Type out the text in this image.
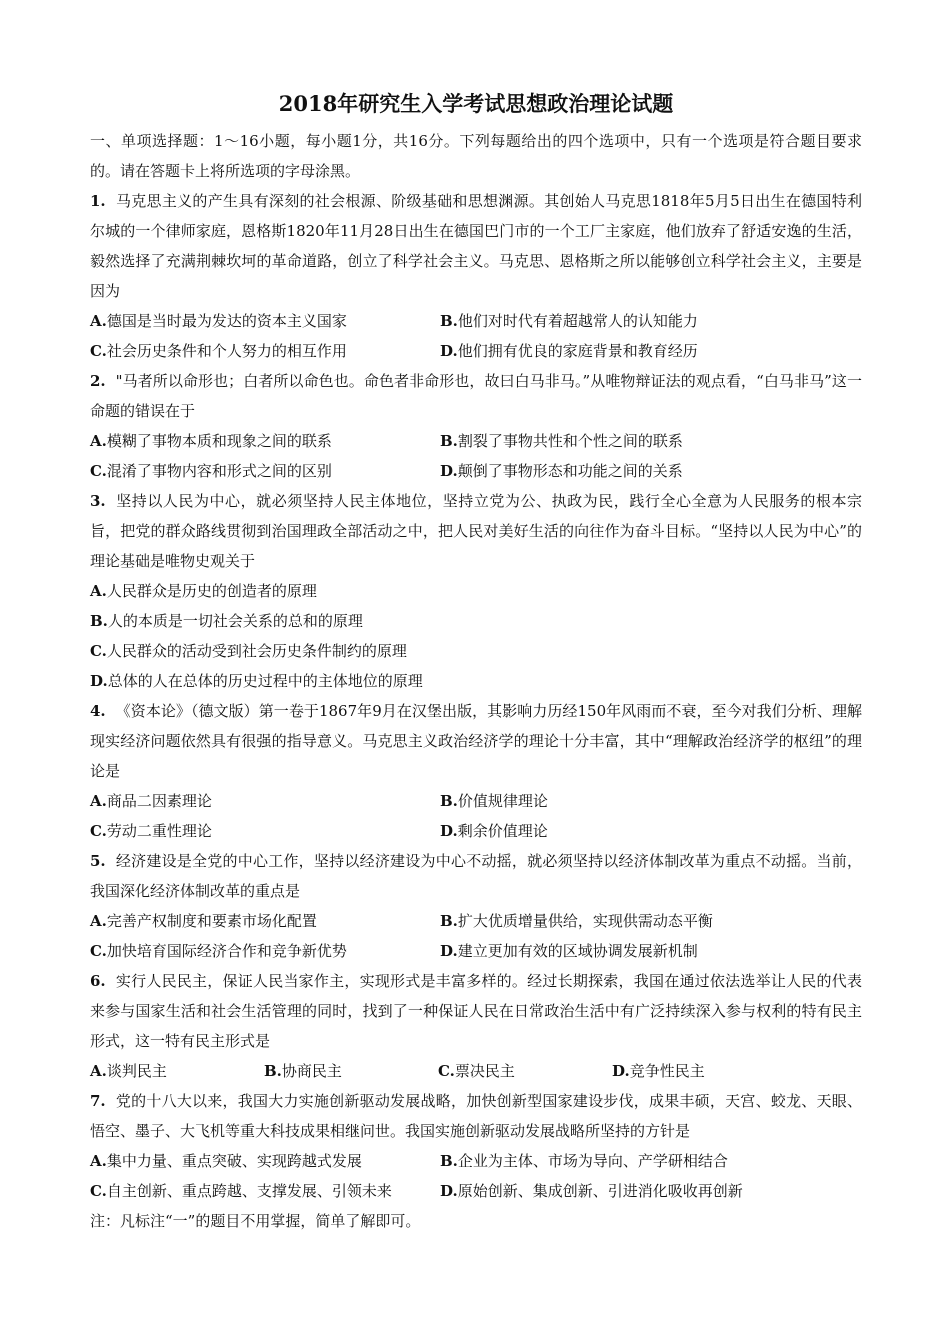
2018年研究生入学考试思想政治理论试题

一、单项选择题：1～16小题，每小题1分，共16分。下列每题给出的四个选项中，只有一个选项是符合题目要求的。请在答题卡上将所选项的字母涂黑。

1. 马克思主义的产生具有深刻的社会根源、阶级基础和思想渊源。其创始人马克思1818年5月5日出生在德国特利尔城的一个律师家庭，恩格斯1820年11月28日出生在德国巴门市的一个工厂主家庭，他们放弃了舒适安逸的生活，毅然选择了充满荆棘坎坷的革命道路，创立了科学社会主义。马克思、恩格斯之所以能够创立科学社会主义，主要是因为

A.德国是当时最为发达的资本主义国家	B.他们对时代有着超越常人的认知能力
C.社会历史条件和个人努力的相互作用	D.他们拥有优良的家庭背景和教育经历

2. "马者所以命形也；白者所以命色也。命色者非命形也，故曰白马非马。”从唯物辩证法的观点看，“白马非马”这一命题的错误在于

A.模糊了事物本质和现象之间的联系	B.割裂了事物共性和个性之间的联系
C.混淆了事物内容和形式之间的区别	D.颠倒了事物形态和功能之间的关系

3. 坚持以人民为中心，就必须坚持人民主体地位，坚持立党为公、执政为民，践行全心全意为人民服务的根本宗旨，把党的群众路线贯彻到治国理政全部活动之中，把人民对美好生活的向往作为奋斗目标。“坚持以人民为中心”的理论基础是唯物史观关于

A. 人民群众是历史的创造者的原理
B. 人的本质是一切社会关系的总和的原理
C. 人民群众的活动受到社会历史条件制约的原理
D. 总体的人在总体的历史过程中的主体地位的原理

4. 《资本论》（德文版）第一卷于1867年9月在汉堡出版，其影响力历经150年风雨而不衰，至今对我们分析、理解现实经济问题依然具有很强的指导意义。马克思主义政治经济学的理论十分丰富，其中“理解政治经济学的枢纽”的理论是

A.商品二因素理论	B.价值规律理论
C.劳动二重性理论	D.剩余价值理论

5. 经济建设是全党的中心工作，坚持以经济建设为中心不动摇，就必须坚持以经济体制改革为重点不动摇。当前，我国深化经济体制改革的重点是

A.完善产权制度和要素市场化配置	B.扩大优质增量供给，实现供需动态平衡
C.加快培育国际经济合作和竞争新优势	D.建立更加有效的区域协调发展新机制

6. 实行人民民主，保证人民当家作主，实现形式是丰富多样的。经过长期探索，我国在通过依法选举让人民的代表来参与国家生活和社会生活管理的同时，找到了一种保证人民在日常政治生活中有广泛持续深入参与权利的特有民主形式，这一特有民主形式是

A.谈判民主	B.协商民主	C.票决民主	D.竞争性民主

7. 党的十八大以来，我国大力实施创新驱动发展战略，加快创新型国家建设步伐，成果丰硕，天宫、蛟龙、天眼、悟空、墨子、大飞机等重大科技成果相继问世。我国实施创新驱动发展战略所坚持的方针是

A.集中力量、重点突破、实现跨越式发展	B.企业为主体、市场为导向、产学研相结合
C.自主创新、重点跨越、支撑发展、引领未来	D.原始创新、集成创新、引进消化吸收再创新

注：凡标注“一”的题目不用掌握，简单了解即可。
